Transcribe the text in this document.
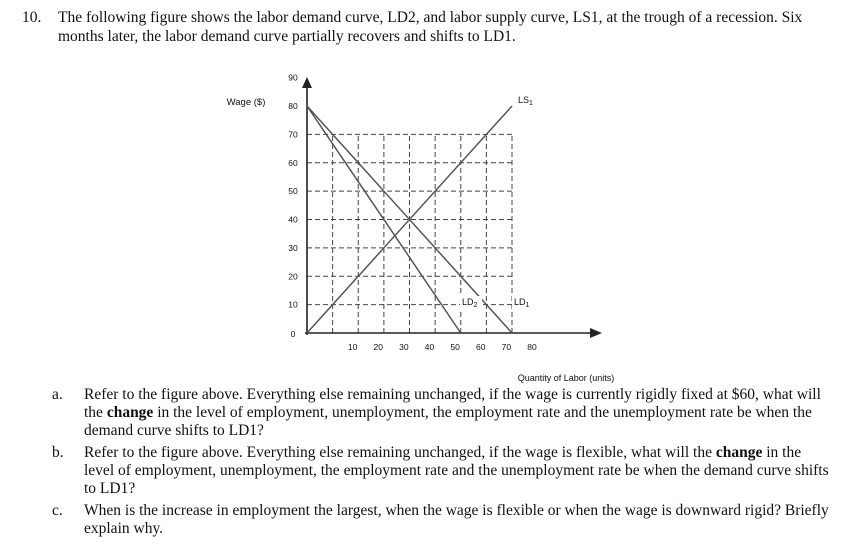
10. The following figure shows the labor demand curve, LD2, and labor supply curve, LS1, at the trough of a recession. Six months later, the labor demand curve partially recovers and shifts to LD1.
90
80
70
60
50
40
30
20
10
0
10 20 30 40 50 60 70 80
Wage ($)
Quantity of Labor (units)
$LS_1$
$LD_2$	$LD_1$
a. Refer to the figure above. Everything else remaining unchanged, if the wage is currently rigidly fixed at $60, what will the change in the level of employment, unemployment, the employment rate and the unemployment rate be when the demand curve shifts to LD1?
b. Refer to the figure above. Everything else remaining unchanged, if the wage is flexible, what will the change in the level of employment, unemployment, the employment rate and the unemployment rate be when the demand curve shifts to LD1?
c. When is the increase in employment the largest, when the wage is flexible or when the wage is downward rigid? Briefly explain why.
